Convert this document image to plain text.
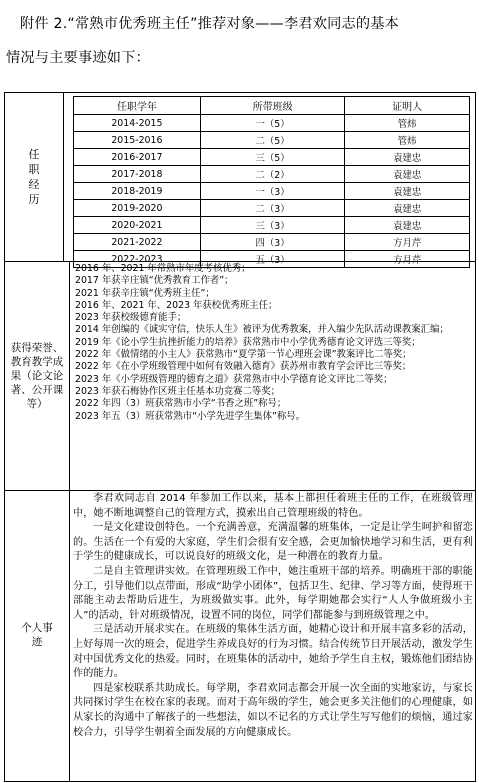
附件 2.“常熟市优秀班主任”推荐对象——李君欢同志的基本
情况与主要事迹如下：
任职经历
任职学年	所带班级	证明人
2014-2015	一（5）	管炜
2015-2016	二（5）	管炜
2016-2017	三（5）	袁建忠
2017-2018	二（2）	袁建忠
2018-2019	一（3）	袁建忠
2019-2020	二（3）	袁建忠
2020-2021	三（3）	袁建忠
2021-2022	四（3）	方月芹
2022-2023	五（3）	方月芹
获得荣誉、教育教学成果（论文论著、公开课等）
2016 年、2021 年常熟市年度考核优秀；
2017 年获辛庄镇“优秀教育工作者”；
2021 年获辛庄镇“优秀班主任”；
2016 年、2021 年、2023 年获校优秀班主任；
2023 年获校级德育能手；
2014 年创编的《诚实守信，快乐人生》被评为优秀教案，并入编少先队活动课教案汇编；
2019 年《论小学生抗挫折能力的培养》获常熟市中小学优秀德育论文评选三等奖；
2022 年《做情绪的小主人》获常熟市“夏学第一节心理班会课”教案评比二等奖；
2022 年《在小学班级管理中如何有效融入德育》获苏州市教育学会评比三等奖；
2023 年《小学班级管理的德育之道》获常熟市中小学德育论文评比二等奖；
2023 年获石梅协作区班主任基本功竞赛二等奖；
2022 年四（3）班获常熟市小学“书香之班”称号；
2023 年五（3）班获常熟市“小学先进学生集体”称号。
个人事迹

李君欢同志自 2014 年参加工作以来，基本上都担任着班主任的工作，在班级管理中，她不断地调整自己的管理方式，摸索出自己管理班级的特色。

一是文化建设创特色。一个充满善意，充满温馨的班集体，一定是让学生呵护和留恋的。生活在一个有爱的大家庭，学生们会很有安全感，会更加愉快地学习和生活，更有利于学生的健康成长，可以说良好的班级文化，是一种潜在的教育力量。

二是自主管理讲实效。在管理班级工作中，她注重班干部的培养。明确班干部的职能分工，引导他们以点带面，形成“助学小团体”，包括卫生、纪律、学习等方面，使得班干部能主动去帮助后进生，为班级做实事。此外，每学期她都会实行“人人争做班级小主人”的活动，针对班级情况，设置不同的岗位，同学们都能参与到班级管理之中。

三是活动开展求实在。在班级的集体生活方面，她精心设计和开展丰富多彩的活动，上好每周一次的班会，促进学生养成良好的行为习惯。结合传统节日开展活动，激发学生对中国优秀文化的热爱。同时，在班集体的活动中，她给予学生自主权，锻炼他们团结协作的能力。

四是家校联系共助成长。每学期，李君欢同志都会开展一次全面的实地家访，与家长共同探讨学生在校在家的表现。而对于高年级的学生，她会更多关注他们的心理健康，如从家长的沟通中了解孩子的一些想法，如以不记名的方式让学生写写他们的烦恼，通过家校合力，引导学生朝着全面发展的方向健康成长。
